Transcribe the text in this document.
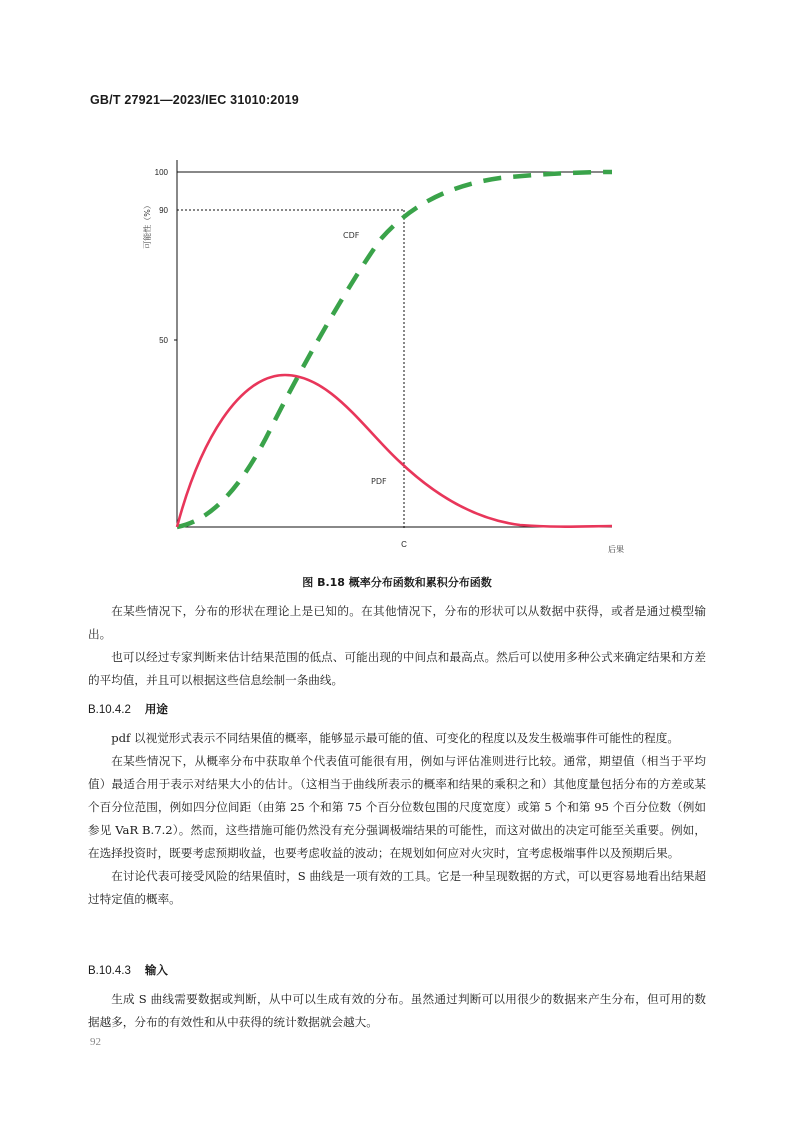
GB/T 27921—2023/IEC 31010:2019
100
90
50
C
后果
可能性（%）	CDF
PDF
图 B.18 概率分布函数和累积分布函数

在某些情况下，分布的形状在理论上是已知的。在其他情况下，分布的形状可以从数据中获得，或者是通过模型输出。

也可以经过专家判断来估计结果范围的低点、可能出现的中间点和最高点。然后可以使用多种公式来确定结果和方差的平均值，并且可以根据这些信息绘制一条曲线。

B.10.4.2 用途

pdf 以视觉形式表示不同结果值的概率，能够显示最可能的值、可变化的程度以及发生极端事件可能性的程度。

在某些情况下，从概率分布中获取单个代表值可能很有用，例如与评估准则进行比较。通常，期望值（相当于平均值）最适合用于表示对结果大小的估计。（这相当于曲线所表示的概率和结果的乘积之和）其他度量包括分布的方差或某个百分位范围，例如四分位间距（由第 25 个和第 75 个百分位数包围的尺度宽度）或第 5 个和第 95 个百分位数（例如参见 VaR B.7.2）。然而，这些措施可能仍然没有充分强调极端结果的可能性，而这对做出的决定可能至关重要。例如，在选择投资时，既要考虑预期收益，也要考虑收益的波动；在规划如何应对火灾时，宜考虑极端事件以及预期后果。

在讨论代表可接受风险的结果值时，S 曲线是一项有效的工具。它是一种呈现数据的方式，可以更容易地看出结果超过特定值的概率。

B.10.4.3 输入

生成 S 曲线需要数据或判断，从中可以生成有效的分布。虽然通过判断可以用很少的数据来产生分布，但可用的数据越多，分布的有效性和从中获得的统计数据就会越大。

92
